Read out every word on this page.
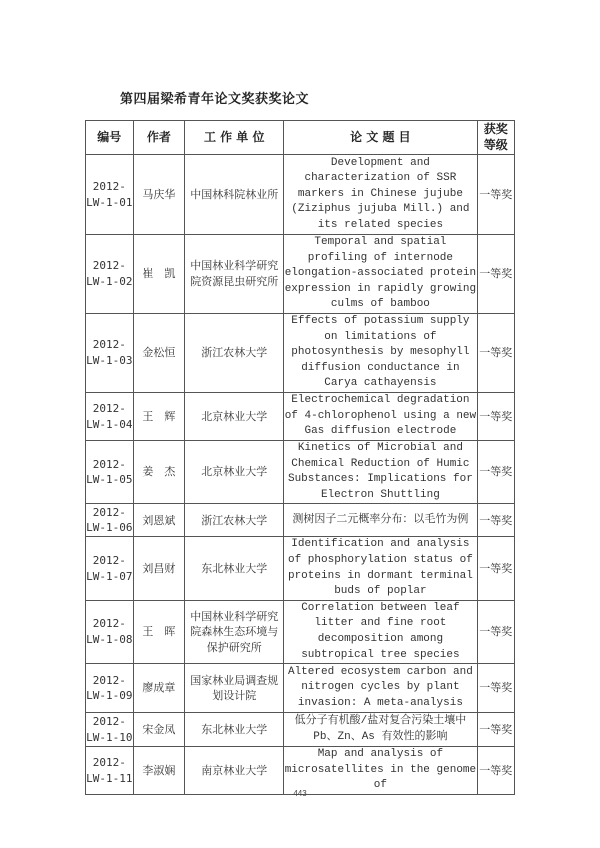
第四届梁希青年论文奖获奖论文
编号	作者	工 作 单 位	论 文 题 目	获奖等级
2012-LW-1-01	马庆华	中国林科院林业所	Development and characterization of SSR markers in Chinese jujube (Ziziphus jujuba Mill.) and its related species	一等奖
2012-LW-1-02	崔　凯	中国林业科学研究院资源昆虫研究所	Temporal and spatial profiling of internode elongation-associated protein expression in rapidly growing culms of bamboo	一等奖
2012-LW-1-03	金松恒	浙江农林大学	Effects of potassium supply on limitations of photosynthesis by mesophyll diffusion conductance in Carya cathayensis	一等奖
2012-LW-1-04	王　辉	北京林业大学	Electrochemical degradation of 4-chlorophenol using a new Gas diffusion electrode	一等奖
2012-LW-1-05	姜　杰	北京林业大学	Kinetics of Microbial and Chemical Reduction of Humic Substances: Implications for Electron Shuttling	一等奖
2012-LW-1-06	刘恩斌	浙江农林大学	测树因子二元概率分布：以毛竹为例	一等奖
2012-LW-1-07	刘昌财	东北林业大学	Identification and analysis of phosphorylation status of proteins in dormant terminal buds of poplar	一等奖
2012-LW-1-08	王　晖	中国林业科学研究院森林生态环境与保护研究所	Correlation between leaf litter and fine root decomposition among subtropical tree species	一等奖
2012-LW-1-09	廖成章	国家林业局调查规划设计院	Altered ecosystem carbon and nitrogen cycles by plant invasion: A meta-analysis	一等奖
2012-LW-1-10	宋金凤	东北林业大学	低分子有机酸/盐对复合污染土壤中 Pb、Zn、As 有效性的影响	一等奖
2012-LW-1-11	李淑娴	南京林业大学	Map and analysis of microsatellites in the genome of	一等奖
443
